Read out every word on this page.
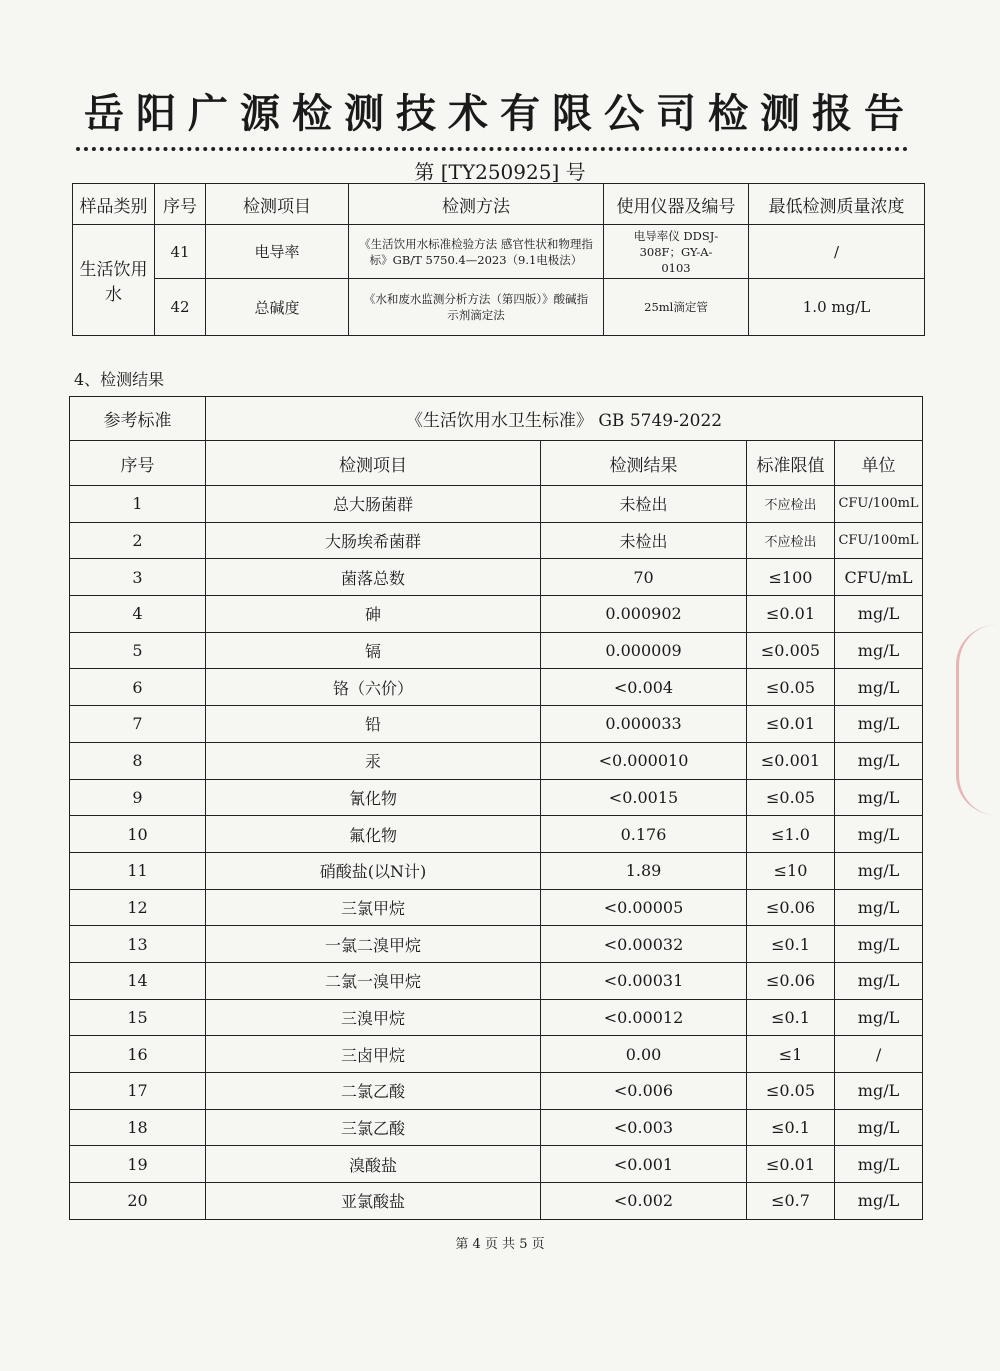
岳阳广源检测技术有限公司检测报告
第 [TY250925] 号
样品类别	序号	检测项目	检测方法	使用仪器及编号	最低检测质量浓度
生活饮用水	41	电导率	《生活饮用水标准检验方法 感官性状和物理指标》GB/T 5750.4—2023（9.1电极法）	电导率仪 DDSJ-308F；GY-A-0103	/
	42	总碱度	《水和废水监测分析方法（第四版）》酸碱指示剂滴定法	25ml滴定管	1.0 mg/L
4、检测结果
参考标准	《生活饮用水卫生标准》 GB 5749-2022			
序号	检测项目	检测结果	标准限值	单位
1	总大肠菌群	未检出	不应检出	CFU/100mL
2	大肠埃希菌群	未检出	不应检出	CFU/100mL
3	菌落总数	70	≤100	CFU/mL
4	砷	0.000902	≤0.01	mg/L
5	镉	0.000009	≤0.005	mg/L
6	铬（六价）	<0.004	≤0.05	mg/L
7	铅	0.000033	≤0.01	mg/L
8	汞	<0.000010	≤0.001	mg/L
9	氰化物	<0.0015	≤0.05	mg/L
10	氟化物	0.176	≤1.0	mg/L
11	硝酸盐(以N计)	1.89	≤10	mg/L
12	三氯甲烷	<0.00005	≤0.06	mg/L
13	一氯二溴甲烷	<0.00032	≤0.1	mg/L
14	二氯一溴甲烷	<0.00031	≤0.06	mg/L
15	三溴甲烷	<0.00012	≤0.1	mg/L
16	三卤甲烷	0.00	≤1	/
17	二氯乙酸	<0.006	≤0.05	mg/L
18	三氯乙酸	<0.003	≤0.1	mg/L
19	溴酸盐	<0.001	≤0.01	mg/L
20	亚氯酸盐	<0.002	≤0.7	mg/L
第 4 页 共 5 页
